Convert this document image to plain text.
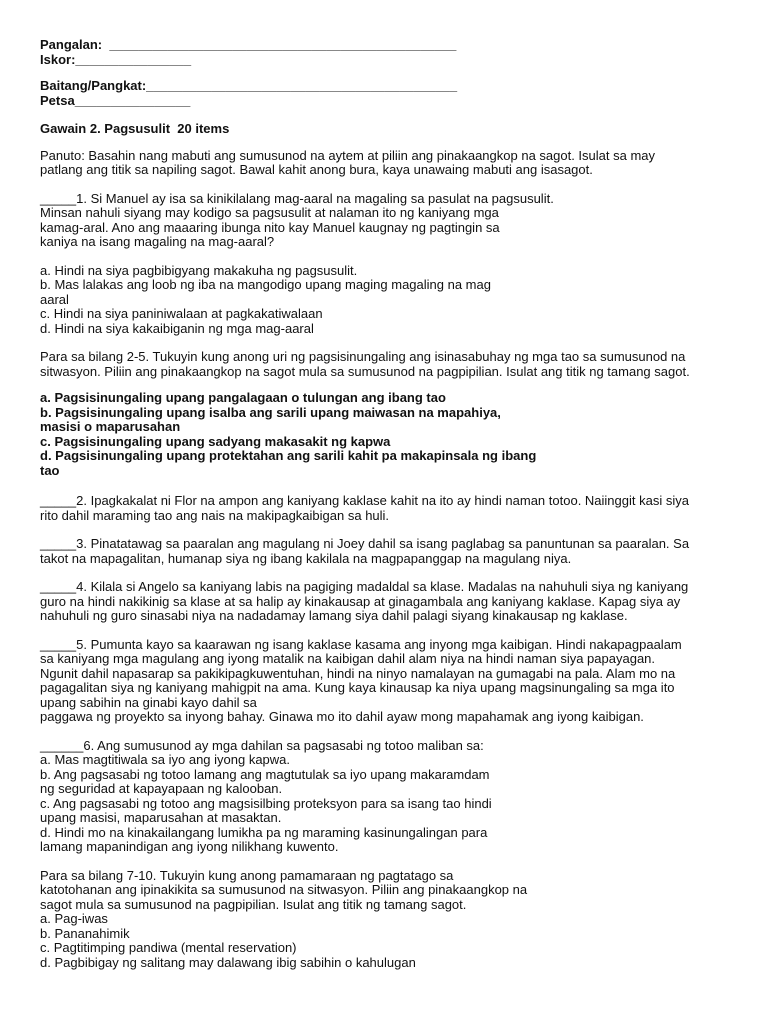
Pangalan:  ________________________________________________
Iskor:________________
Baitang/Pangkat:___________________________________________
Petsa________________
Gawain 2. Pagsusulit  20 items
Panuto: Basahin nang mabuti ang sumusunod na aytem at piliin ang pinakaangkop na sagot. Isulat sa may
patlang ang titik sa napiling sagot. Bawal kahit anong bura, kaya unawaing mabuti ang isasagot.
_____1. Si Manuel ay isa sa kinikilalang mag-aaral na magaling sa pasulat na pagsusulit.
Minsan nahuli siyang may kodigo sa pagsusulit at nalaman ito ng kaniyang mga
kamag-aral. Ano ang maaaring ibunga nito kay Manuel kaugnay ng pagtingin sa
kaniya na isang magaling na mag-aaral?
a. Hindi na siya pagbibigyang makakuha ng pagsusulit.
b. Mas lalakas ang loob ng iba na mangodigo upang maging magaling na mag
aaral
c. Hindi na siya paniniwalaan at pagkakatiwalaan
d. Hindi na siya kakaibiganin ng mga mag-aaral
Para sa bilang 2-5. Tukuyin kung anong uri ng pagsisinungaling ang isinasabuhay ng mga tao sa sumusunod na
sitwasyon. Piliin ang pinakaangkop na sagot mula sa sumusunod na pagpipilian. Isulat ang titik ng tamang sagot.
a. Pagsisinungaling upang pangalagaan o tulungan ang ibang tao
b. Pagsisinungaling upang isalba ang sarili upang maiwasan na mapahiya,
masisi o maparusahan
c. Pagsisinungaling upang sadyang makasakit ng kapwa
d. Pagsisinungaling upang protektahan ang sarili kahit pa makapinsala ng ibang
tao
_____2. Ipagkakalat ni Flor na ampon ang kaniyang kaklase kahit na ito ay hindi naman totoo. Naiinggit kasi siya
rito dahil maraming tao ang nais na makipagkaibigan sa huli.
_____3. Pinatatawag sa paaralan ang magulang ni Joey dahil sa isang paglabag sa panuntunan sa paaralan. Sa
takot na mapagalitan, humanap siya ng ibang kakilala na magpapanggap na magulang niya.
_____4. Kilala si Angelo sa kaniyang labis na pagiging madaldal sa klase. Madalas na nahuhuli siya ng kaniyang
guro na hindi nakikinig sa klase at sa halip ay kinakausap at ginagambala ang kaniyang kaklase. Kapag siya ay
nahuhuli ng guro sinasabi niya na nadadamay lamang siya dahil palagi siyang kinakausap ng kaklase.
_____5. Pumunta kayo sa kaarawan ng isang kaklase kasama ang inyong mga kaibigan. Hindi nakapagpaalam
sa kaniyang mga magulang ang iyong matalik na kaibigan dahil alam niya na hindi naman siya papayagan.
Ngunit dahil napasarap sa pakikipagkuwentuhan, hindi na ninyo namalayan na gumagabi na pala. Alam mo na
pagagalitan siya ng kaniyang mahigpit na ama. Kung kaya kinausap ka niya upang magsinungaling sa mga ito
upang sabihin na ginabi kayo dahil sa
paggawa ng proyekto sa inyong bahay. Ginawa mo ito dahil ayaw mong mapahamak ang iyong kaibigan.
______6. Ang sumusunod ay mga dahilan sa pagsasabi ng totoo maliban sa:
a. Mas magtitiwala sa iyo ang iyong kapwa.
b. Ang pagsasabi ng totoo lamang ang magtutulak sa iyo upang makaramdam
ng seguridad at kapayapaan ng kalooban.
c. Ang pagsasabi ng totoo ang magsisilbing proteksyon para sa isang tao hindi
upang masisi, maparusahan at masaktan.
d. Hindi mo na kinakailangang lumikha pa ng maraming kasinungalingan para
lamang mapanindigan ang iyong nilikhang kuwento.
Para sa bilang 7-10. Tukuyin kung anong pamamaraan ng pagtatago sa
katotohanan ang ipinakikita sa sumusunod na sitwasyon. Piliin ang pinakaangkop na
sagot mula sa sumusunod na pagpipilian. Isulat ang titik ng tamang sagot.
a. Pag-iwas
b. Pananahimik
c. Pagtitimping pandiwa (mental reservation)
d. Pagbibigay ng salitang may dalawang ibig sabihin o kahulugan
